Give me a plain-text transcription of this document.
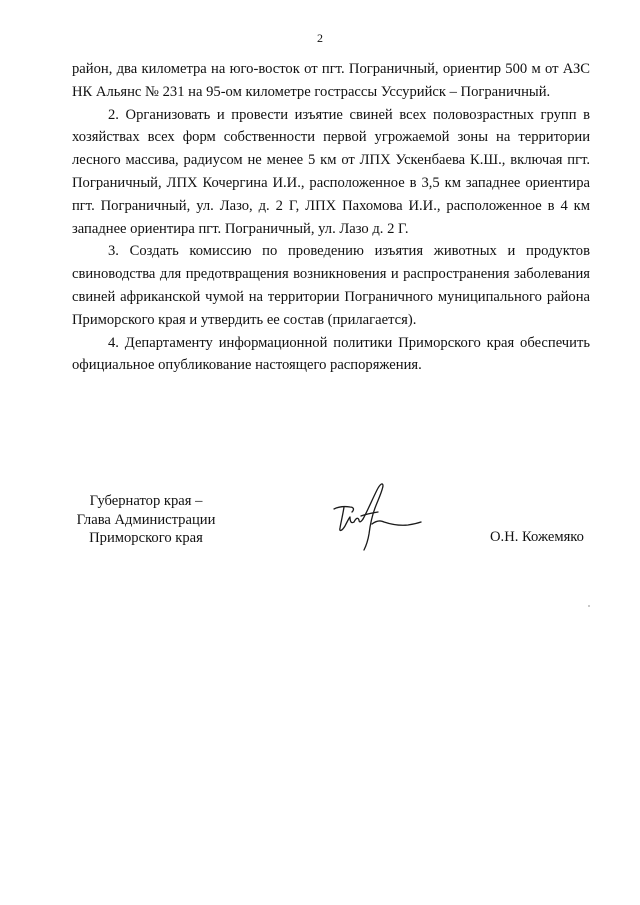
2

район, два километра на юго-восток от пгт. Пограничный, ориентир 500 м от АЗС НК Альянс № 231 на 95-ом километре гострассы Уссурийск – Пограничный.

2. Организовать и провести изъятие свиней всех половозрастных групп в хозяйствах всех форм собственности первой угрожаемой зоны на территории лесного массива, радиусом не менее 5 км от ЛПХ Ускенбаева К.Ш., включая пгт. Пограничный, ЛПХ Кочергина И.И., расположенное в 3,5 км западнее ориентира пгт. Пограничный, ул. Лазо, д. 2 Г, ЛПХ Пахомова И.И., расположенное в 4 км западнее ориентира пгт. Пограничный, ул. Лазо д. 2 Г.

3. Создать комиссию по проведению изъятия животных и продуктов свиноводства для предотвращения возникновения и распространения заболевания свиней африканской чумой на территории Пограничного муниципального района Приморского края и утвердить ее состав (прилагается).

4. Департаменту информационной политики Приморского края обеспечить официальное опубликование настоящего распоряжения.

Губернатор края –
Глава Администрации
Приморского края	О.Н. Кожемяко
